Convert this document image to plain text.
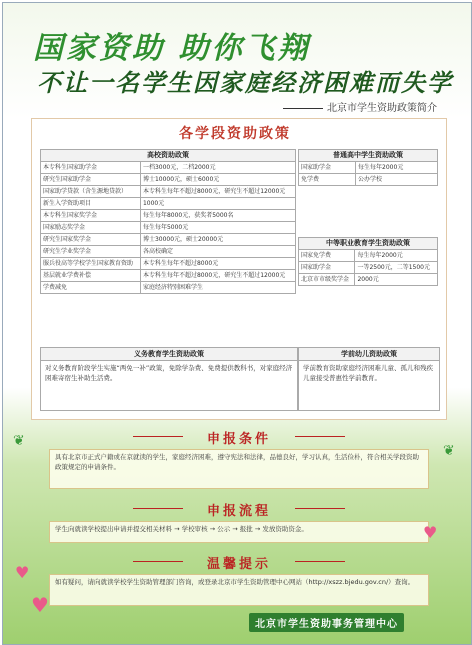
国家资助 助你飞翔
不让一名学生因家庭经济困难而失学
北京市学生资助政策简介
各学段资助政策
高校资助政策	
本专科生国家助学金	一档3000元，二档2000元
研究生国家助学金	博士10000元，硕士6000元
国家助学贷款（含生源地贷款）	本专科生每年不超过8000元，研究生不超过12000元
新生入学资助项目	1000元
本专科生国家奖学金	每生每年8000元，获奖者5000名
国家励志奖学金	每生每年5000元
研究生国家奖学金	博士30000元，硕士20000元
研究生学业奖学金	各高校确定
服兵役高等学校学生国家教育资助	本专科生每年不超过8000元
基层就业学费补偿	本专科生每年不超过8000元，研究生不超过12000元
学费减免	家庭经济特别困难学生
普通高中学生资助政策	
国家助学金	每生每年2000元
免学费	公办学校
中等职业教育学生资助政策	
国家免学费	每生每年2000元
国家助学金	一等2500元，二等1500元
北京市市级奖学金	2000元
义务教育学生资助政策
对义务教育阶段学生实施“两免一补”政策，免除学杂费、免费提供教科书，对家庭经济困难寄宿生补助生活费。
学前幼儿资助政策
学前教育资助家庭经济困难儿童、孤儿和残疾儿童接受普惠性学前教育。
申报条件
具有北京市正式户籍或在京就读的学生，家庭经济困难，遵守宪法和法律，品德良好，学习认真，生活俭朴，符合相关学段资助政策规定的申请条件。
申报流程
学生向就读学校提出申请并提交相关材料 → 学校审核 → 公示 → 报批 → 发放资助资金。
温馨提示
如有疑问，请向就读学校学生资助管理部门咨询，或登录北京市学生资助管理中心网站（http://xszz.bjedu.gov.cn/）查询。
♥
♥
♥
❦
❦
北京市学生资助事务管理中心
